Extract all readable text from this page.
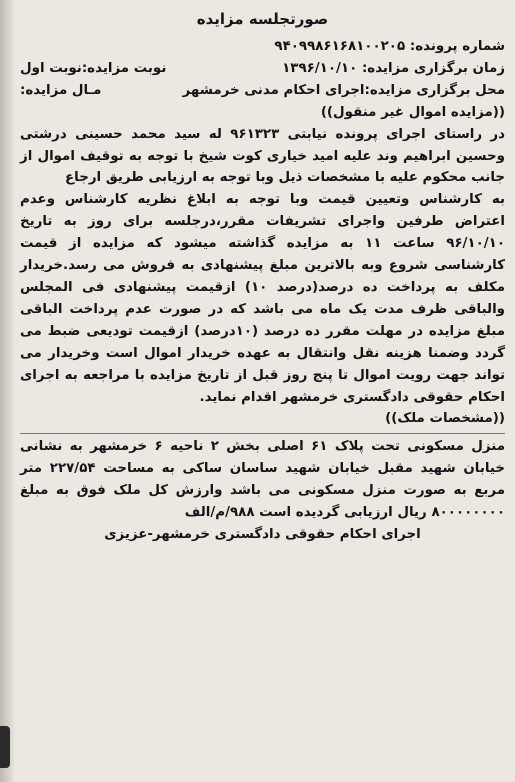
صورتجلسه مزایده
شماره پرونده: ۹۴۰۹۹۸۶۱۶۸۱۰۰۲۰۵
زمان برگزاری مزایده: ۱۳۹۶/۱۰/۱۰
نوبت مزایده:نوبت اول
محل برگزاری مزایده:اجرای احکام مدنی خرمشهر
مـال مزایده:
((مزایده اموال غیر منقول))

در راستای اجرای پرونده نیابتی ۹۶۱۳۲۳ له سید محمد حسینی درشتی وحسین ابراهیم وند علیه امید خیاری کوت شیخ با توجه به توقیف اموال از جانب محکوم علیه با مشخصات ذیل وبا توجه به ارزیابی طریق ارجاع

به کارشناس وتعیین قیمت وبا توجه به ابلاغ نظریه کارشناس وعدم اعتراض طرفین واجرای تشریفات مقرر،درجلسه برای روز به تاریخ ۹۶/۱۰/۱۰ ساعت ۱۱ به مزایده گذاشته میشود که مزایده از قیمت کارشناسی شروع وبه بالاترین مبلغ پیشنهادی به فروش می رسد.خریدار مکلف به پرداخت ده درصد(درصد ۱۰) ازقیمت پیشنهادی فی المجلس والباقی ظرف مدت یک ماه می باشد که در صورت عدم پرداخت الباقی مبلغ مزایده در مهلت مقرر ده درصد (۱۰درصد) ازقیمت تودیعی ضبط می گردد وضمنا هزینه نقل وانتقال به عهده خریدار اموال است وخریدار می تواند جهت رویت اموال تا پنج روز قبل از تاریخ مزایده با مراجعه به اجرای احکام حقوقی دادگستری خرمشهر اقدام نماید.

((مشخصات ملک))

منزل مسکونی تحت پلاک ۶۱ اصلی بخش ۲ ناحیه ۶ خرمشهر به نشانی خیابان شهید مقبل خیابان شهید ساسان ساکی به مساحت ۲۲۷/۵۴ متر مربع به صورت منزل مسکونی می باشد وارزش کل ملک فوق به مبلغ ۸۰۰۰۰۰۰۰۰ ریال ارزیابی گردیده است ۹۸۸/م/الف

اجرای احکام حقوقی دادگستری خرمشهر-عزیزی
